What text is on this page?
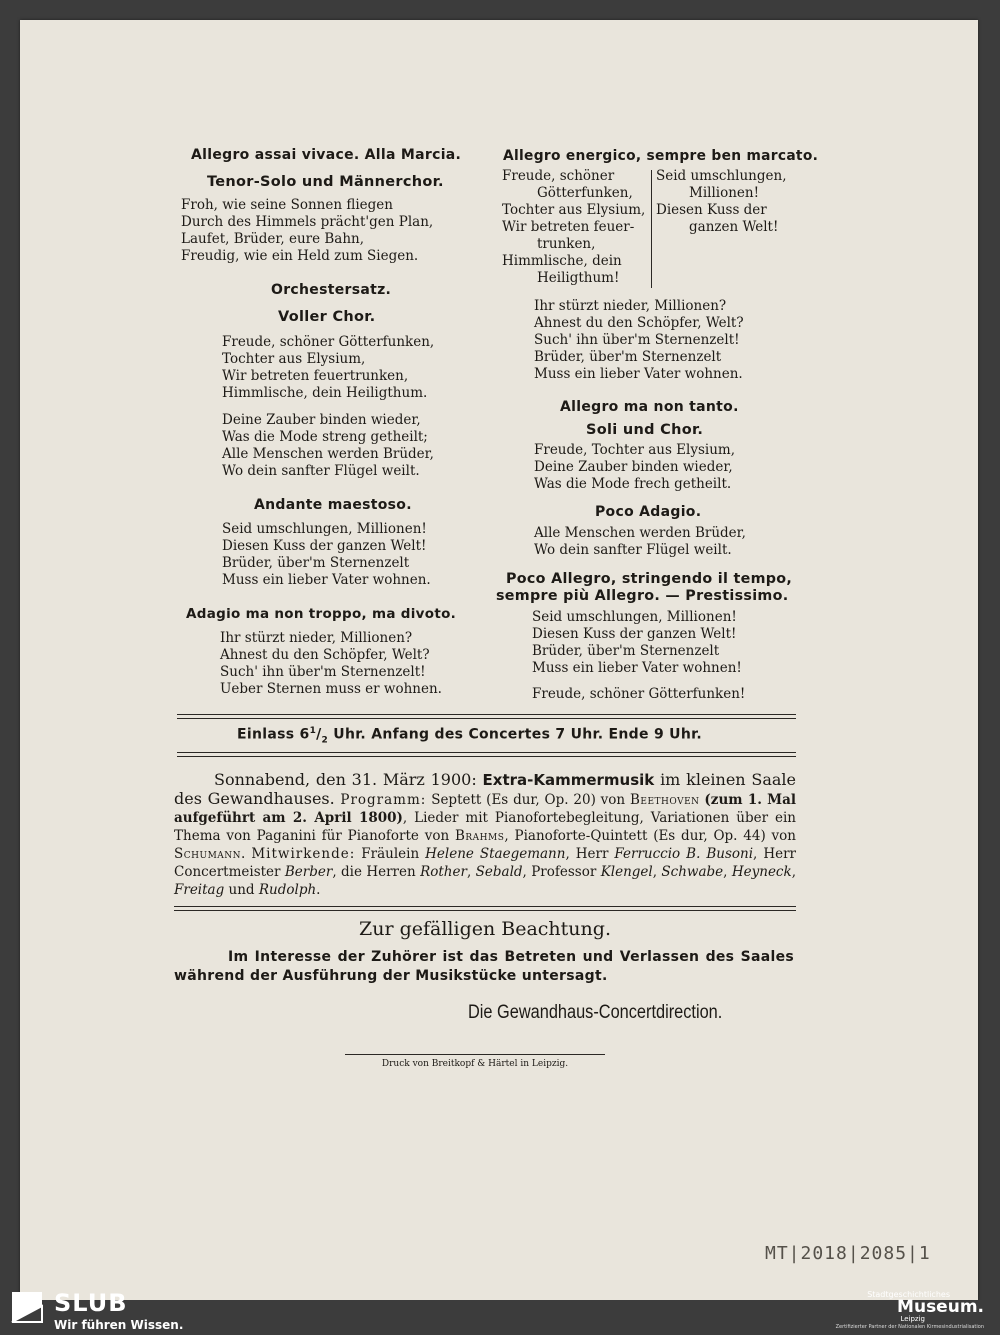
Allegro assai vivace. Alla Marcia.
Tenor-Solo und Männerchor.
Froh, wie seine Sonnen fliegen
Durch des Himmels prächt'gen Plan,
Laufet, Brüder, eure Bahn,
Freudig, wie ein Held zum Siegen.
Orchestersatz.
Voller Chor.
Freude, schöner Götterfunken,
Tochter aus Elysium,
Wir betreten feuertrunken,
Himmlische, dein Heiligthum.
Deine Zauber binden wieder,
Was die Mode streng getheilt;
Alle Menschen werden Brüder,
Wo dein sanfter Flügel weilt.
Andante maestoso.
Seid umschlungen, Millionen!
Diesen Kuss der ganzen Welt!
Brüder, über'm Sternenzelt
Muss ein lieber Vater wohnen.
Adagio ma non troppo, ma divoto.
Ihr stürzt nieder, Millionen?
Ahnest du den Schöpfer, Welt?
Such' ihn über'm Sternenzelt!
Ueber Sternen muss er wohnen.
Allegro energico, sempre ben marcato.
Freude, schöner
Götterfunken,
Tochter aus Elysium,
Wir betreten feuer-
trunken,
Himmlische, dein
Heiligthum!
Seid umschlungen,
Millionen!
Diesen Kuss der
ganzen Welt!
Ihr stürzt nieder, Millionen?
Ahnest du den Schöpfer, Welt?
Such' ihn über'm Sternenzelt!
Brüder, über'm Sternenzelt
Muss ein lieber Vater wohnen.
Allegro ma non tanto.
Soli und Chor.
Freude, Tochter aus Elysium,
Deine Zauber binden wieder,
Was die Mode frech getheilt.
Poco Adagio.
Alle Menschen werden Brüder,
Wo dein sanfter Flügel weilt.
Poco Allegro, stringendo il tempo,
sempre più Allegro. — Prestissimo.
Seid umschlungen, Millionen!
Diesen Kuss der ganzen Welt!
Brüder, über'm Sternenzelt
Muss ein lieber Vater wohnen!
Freude, schöner Götterfunken!
Einlass $6^1/_2$ Uhr. Anfang des Concertes 7 Uhr. Ende 9 Uhr.
Sonnabend, den 31. März 1900: Extra-Kammermusik im kleinen Saale des Gewandhauses. Programm: Septett (Es dur, Op. 20) von Beethoven (zum 1. Mal aufgeführt am 2. April 1800), Lieder mit Pianofortebegleitung, Variationen über ein Thema von Paganini für Pianoforte von Brahms, Pianoforte-Quintett (Es dur, Op. 44) von Schumann. Mitwirkende: Fräulein Helene Staegemann, Herr Ferruccio B. Busoni, Herr Concertmeister Berber, die Herren Rother, Sebald, Professor Klengel, Schwabe, Heyneck, Freitag und Rudolph.
Zur gefälligen Beachtung.
Im Interesse der Zuhörer ist das Betreten und Verlassen des Saales während der Ausführung der Musikstücke untersagt.
Die Gewandhaus-Concertdirection.
Druck von Breitkopf & Härtel in Leipzig.
MT|2018|2085|1
SLUB
Wir führen Wissen.
Stadtgeschichtliches
Museum.
Leipzig
Zertifizierter Partner der Nationalen Kirmesindustrialisation
